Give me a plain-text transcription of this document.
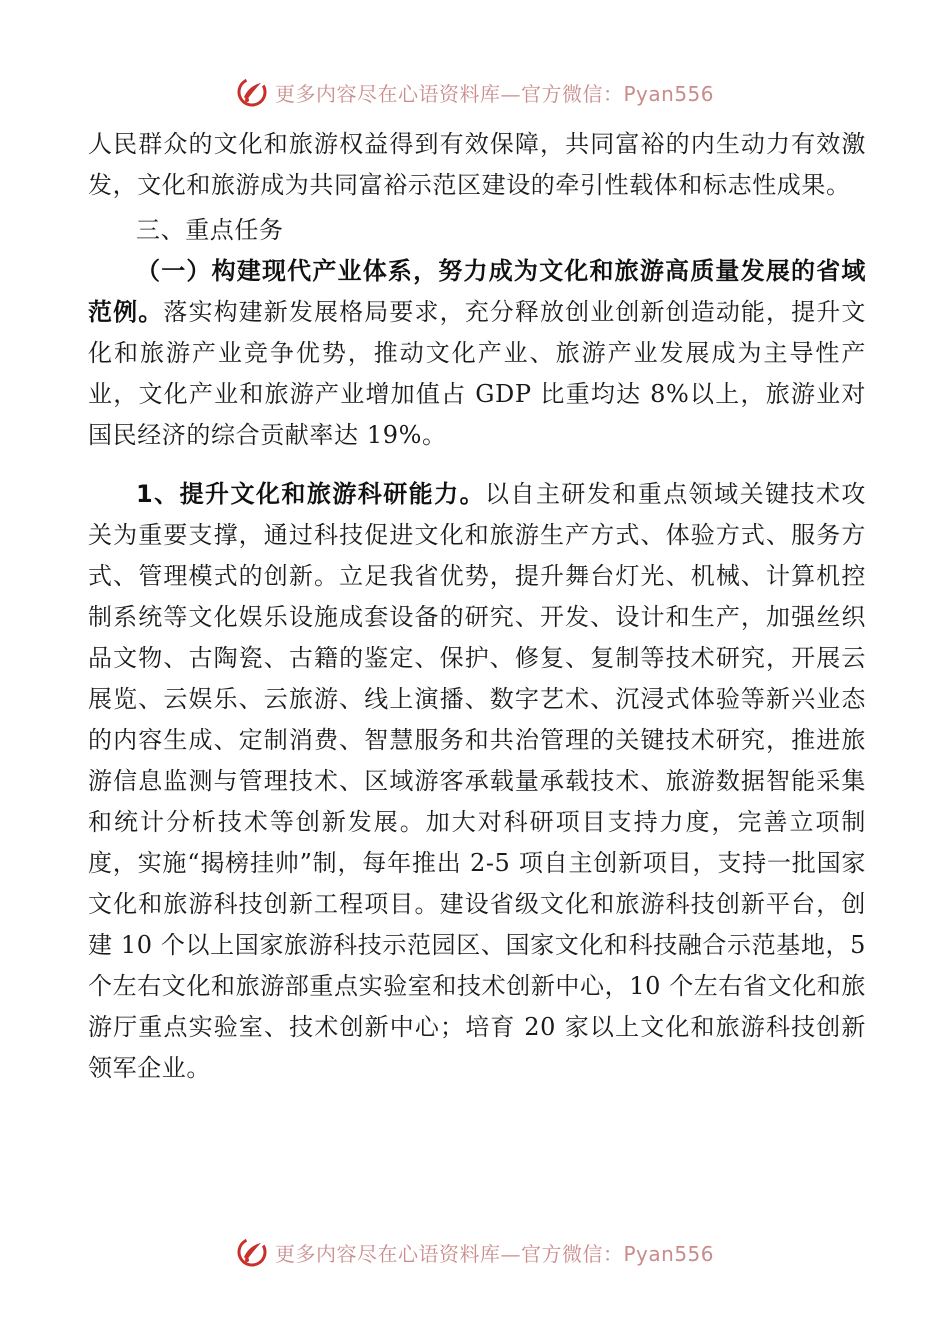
更多内容尽在心语资料库—官方微信：Pyan556

人民群众的文化和旅游权益得到有效保障，共同富裕的内生动力有效激发，文化和旅游成为共同富裕示范区建设的牵引性载体和标志性成果。

三、重点任务

（一）构建现代产业体系，努力成为文化和旅游高质量发展的省域范例。落实构建新发展格局要求，充分释放创业创新创造动能，提升文化和旅游产业竞争优势，推动文化产业、旅游产业发展成为主导性产业，文化产业和旅游产业增加值占 GDP 比重均达 8%以上，旅游业对国民经济的综合贡献率达 19%。

1、提升文化和旅游科研能力。以自主研发和重点领域关键技术攻关为重要支撑，通过科技促进文化和旅游生产方式、体验方式、服务方式、管理模式的创新。立足我省优势，提升舞台灯光、机械、计算机控制系统等文化娱乐设施成套设备的研究、开发、设计和生产，加强丝织品文物、古陶瓷、古籍的鉴定、保护、修复、复制等技术研究，开展云展览、云娱乐、云旅游、线上演播、数字艺术、沉浸式体验等新兴业态的内容生成、定制消费、智慧服务和共治管理的关键技术研究，推进旅游信息监测与管理技术、区域游客承载量承载技术、旅游数据智能采集和统计分析技术等创新发展。加大对科研项目支持力度，完善立项制度，实施“揭榜挂帅”制，每年推出 2-5 项自主创新项目，支持一批国家文化和旅游科技创新工程项目。建设省级文化和旅游科技创新平台，创建 10 个以上国家旅游科技示范园区、国家文化和科技融合示范基地，5 个左右文化和旅游部重点实验室和技术创新中心，10 个左右省文化和旅游厅重点实验室、技术创新中心；培育 20 家以上文化和旅游科技创新领军企业。

更多内容尽在心语资料库—官方微信：Pyan556
